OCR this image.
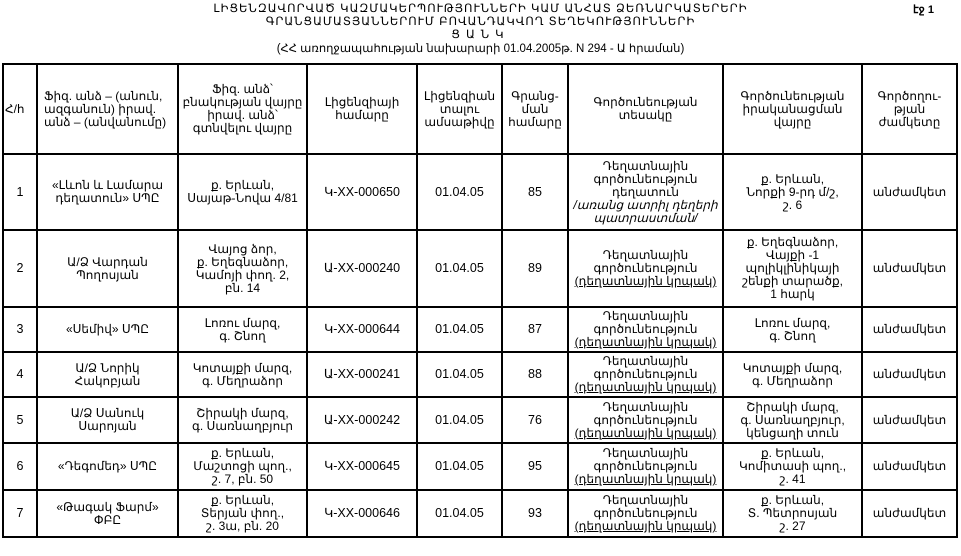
ԼԻՑԵՆԶԱՎՈՐՎԱԾ ԿԱԶՄԱԿԵՐՊՈՒԹՅՈՒՆՆԵՐԻ ԿԱՄ ԱՆՀԱՏ ՁԵՌՆԱՐԿԱՏԵՐԵՐԻ
ԳՐԱՆՑԱՄԱՏՅԱՆՆԵՐՈՒՄ ԲՈՎԱՆԴԱԿՎՈՂ ՏԵՂԵԿՈՒԹՅՈՒՆՆԵՐԻ
ՑԱՆԿ
(ՀՀ առողջապահության նախարարի 01.04.2005թ. N 294 - Ա հրաման)
էջ 1
Հ/հ	Ֆիզ. անձ – (անուն, ազգանուն) իրավ. անձ – (անվանումը)	Ֆիզ. անձ՝ բնակության վայրը իրավ. անձ՝ գտնվելու վայրը	Լիցենզիայի համարը	Լիցենզիան տալու ամսաթիվը	Գրանց- ման համարը	Գործունեության տեսակը	Գործունեության իրականացման վայրը	Գործողու- թյան ժամկետը
1	«Լևոն և Լամարա
դեղատուն» ՍՊԸ	ք. Երևան,
Սայաթ-Նովա 4/81	Կ-XX-000650	01.04.05	85	Դեղատնային
գործունեություն
դեղատուն
/առանց ատրիլ դեղերի պատրաստման/	ք. Երևան,
Նորքի 9-րդ մ/շ,
շ. 6	անժամկետ
2	Ա/Ձ Վարդան
Պողոսյան	Վայոց ձոր,
ք. Եղեգնաձոր,
Կամոյի փող. 2,
բն. 14	Ա-XX-000240	01.04.05	89	Դեղատնային
գործունեություն
(դեղատնային կրպակ)	ք. Եղեգնաձոր,
Վայքի -1
պոլիկլինիկայի
շենքի տարածք,
1 հարկ	անժամկետ
3	«Սեմիվ» ՍՊԸ	Լոռու մարզ,
գ. Շնող	Կ-XX-000644	01.04.05	87	Դեղատնային
գործունեություն
(դեղատնային կրպակ)	Լոռու մարզ,
գ. Շնող	անժամկետ
4	Ա/Ձ Նորիկ
Հակոբյան	Կոտայքի մարզ,
գ. Մեղրաձոր	Ա-XX-000241	01.04.05	88	Դեղատնային
գործունեություն
(դեղատնային կրպակ)	Կոտայքի մարզ,
գ. Մեղրաձոր	անժամկետ
5	Ա/Ձ Սանուկ
Սարոյան	Շիրակի մարզ,
գ. Սառնաղբյուր	Ա-XX-000242	01.04.05	76	Դեղատնային
գործունեություն
(դեղատնային կրպակ)	Շիրակի մարզ,
գ. Սառնաղբյուր,
կենցաղի տուն	անժամկետ
6	«Դեգոմեդ» ՍՊԸ	ք. Երևան,
Մաշտոցի պող.,
շ. 7, բն. 50	Կ-XX-000645	01.04.05	95	Դեղատնային
գործունեություն
(դեղատնային կրպակ)	ք. Երևան,
Կոմիտասի պող.,
շ. 41	անժամկետ
7	«Թագակ Ֆարմ»
ՓԲԸ	ք. Երևան,
Տերյան փող.,
շ. 3ա, բն. 20	Կ-XX-000646	01.04.05	93	Դեղատնային
գործունեություն
(դեղատնային կրպակ)	ք. Երևան,
Տ. Պետրոսյան
շ. 27	անժամկետ
